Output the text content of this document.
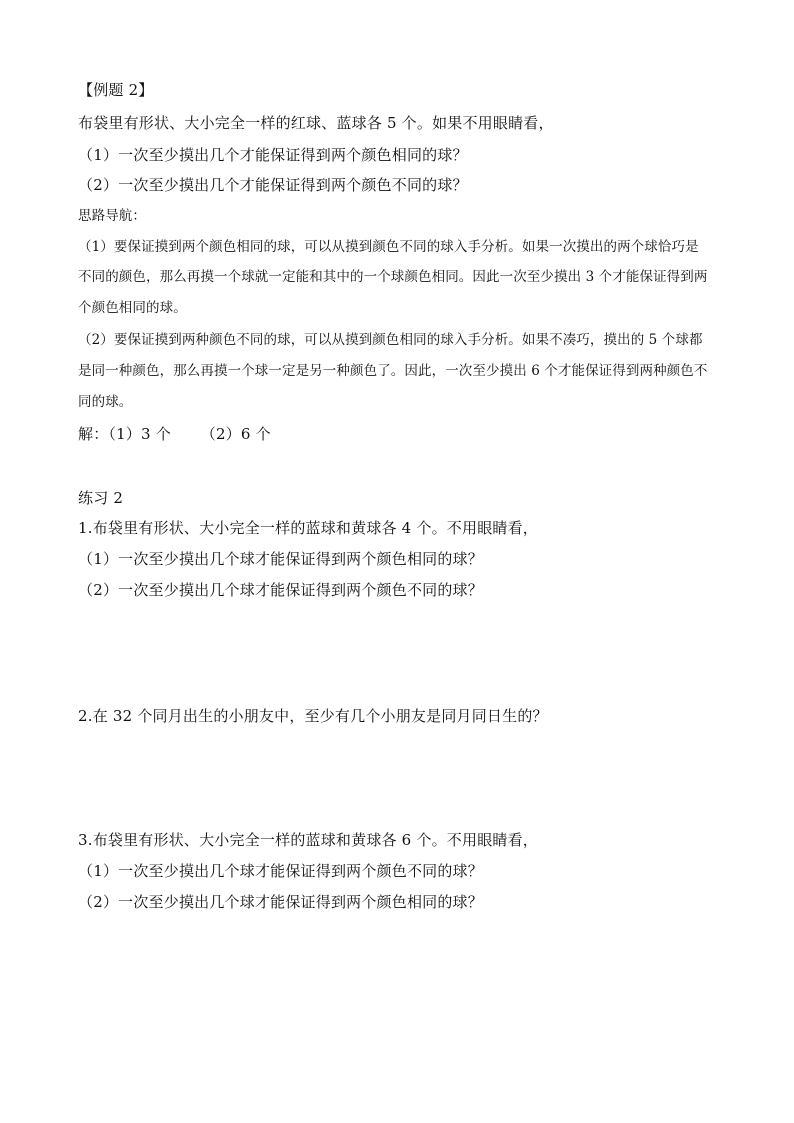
【例题 2】
布袋里有形状、大小完全一样的红球、蓝球各 5 个。如果不用眼睛看，
（1）一次至少摸出几个才能保证得到两个颜色相同的球？
（2）一次至少摸出几个才能保证得到两个颜色不同的球？
思路导航：
（1）要保证摸到两个颜色相同的球，可以从摸到颜色不同的球入手分析。如果一次摸出的两个球恰巧是
不同的颜色，那么再摸一个球就一定能和其中的一个球颜色相同。因此一次至少摸出 3 个才能保证得到两
个颜色相同的球。
（2）要保证摸到两种颜色不同的球，可以从摸到颜色相同的球入手分析。如果不凑巧，摸出的 5 个球都
是同一种颜色，那么再摸一个球一定是另一种颜色了。因此，一次至少摸出 6 个才能保证得到两种颜色不
同的球。
解：（1）3 个      （2）6 个
练习 2
1.布袋里有形状、大小完全一样的蓝球和黄球各 4 个。不用眼睛看，
（1）一次至少摸出几个球才能保证得到两个颜色相同的球？
（2）一次至少摸出几个球才能保证得到两个颜色不同的球？
2.在 32 个同月出生的小朋友中，至少有几个小朋友是同月同日生的？
3.布袋里有形状、大小完全一样的蓝球和黄球各 6 个。不用眼睛看，
（1）一次至少摸出几个球才能保证得到两个颜色不同的球？
（2）一次至少摸出几个球才能保证得到两个颜色相同的球？
